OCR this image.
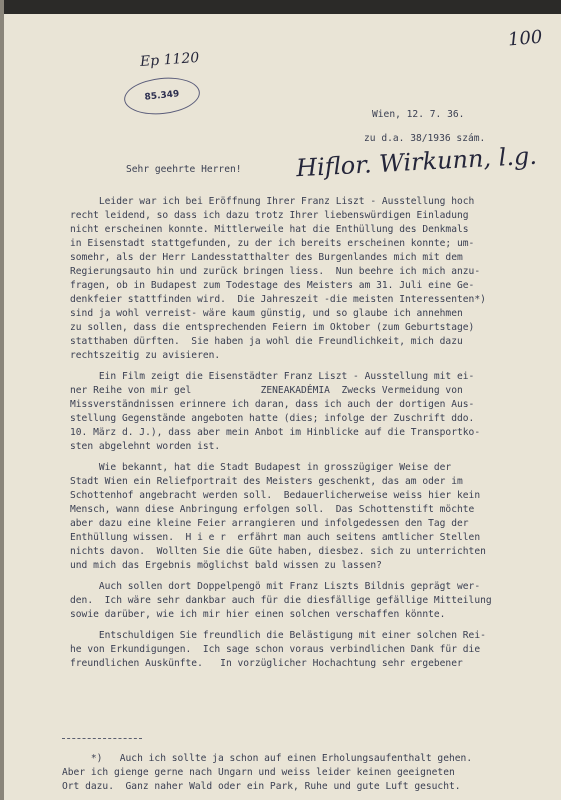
Ep 1120
85.349
100
Wien, 12. 7. 36.
zu d.a. 38/1936 szám.
Sehr geehrte Herren! Hiflor. Wirkunn, l.g.
Leider war ich bei Eröffnung Ihrer Franz Liszt - Ausstellung hoch
recht leidend, so dass ich dazu trotz Ihrer liebenswürdigen Einladung
nicht erscheinen konnte. Mittlerweile hat die Enthüllung des Denkmals
in Eisenstadt stattgefunden, zu der ich bereits erscheinen konnte; um-
somehr, als der Herr Landesstatthalter des Burgenlandes mich mit dem
Regierungsauto hin und zurück bringen liess.  Nun beehre ich mich anzu-
fragen, ob in Budapest zum Todestage des Meisters am 31. Juli eine Ge-
denkfeier stattfinden wird.  Die Jahreszeit -die meisten Interessenten*)
sind ja wohl verreist- wäre kaum günstig, und so glaube ich annehmen
zu sollen, dass die entsprechenden Feiern im Oktober (zum Geburtstage)
statthaben dürften.  Sie haben ja wohl die Freundlichkeit, mich dazu
rechtszeitig zu avisieren.
Ein Film zeigt die Eisenstädter Franz Liszt - Ausstellung mit ei-
ner Reihe von mir gel            ZENEAKADÉMIA  Zwecks Vermeidung von
Missverständnissen erinnere ich daran, dass ich auch der dortigen Aus-
stellung Gegenstände angeboten hatte (dies; infolge der Zuschrift ddo.
10. März d. J.), dass aber mein Anbot im Hinblicke auf die Transportko-
sten abgelehnt worden ist.
Wie bekannt, hat die Stadt Budapest in grosszügiger Weise der
Stadt Wien ein Reliefportrait des Meisters geschenkt, das am oder im
Schottenhof angebracht werden soll.  Bedauerlicherweise weiss hier kein
Mensch, wann diese Anbringung erfolgen soll.  Das Schottenstift möchte
aber dazu eine kleine Feier arrangieren und infolgedessen den Tag der
Enthüllung wissen.  H i e r  erfährt man auch seitens amtlicher Stellen
nichts davon.  Wollten Sie die Güte haben, diesbez. sich zu unterrichten
und mich das Ergebnis möglichst bald wissen zu lassen?
Auch sollen dort Doppelpengö mit Franz Liszts Bildnis geprägt wer-
den.  Ich wäre sehr dankbar auch für die diesfällige gefällige Mitteilung
sowie darüber, wie ich mir hier einen solchen verschaffen könnte.
Entschuldigen Sie freundlich die Belästigung mit einer solchen Rei-
he von Erkundigungen.  Ich sage schon voraus verbindlichen Dank für die
freundlichen Auskünfte.   In vorzüglicher Hochachtung sehr ergebener
*)   Auch ich sollte ja schon auf einen Erholungsaufenthalt gehen.
Aber ich gienge gerne nach Ungarn und weiss leider keinen geeigneten
Ort dazu.  Ganz naher Wald oder ein Park, Ruhe und gute Luft gesucht.
